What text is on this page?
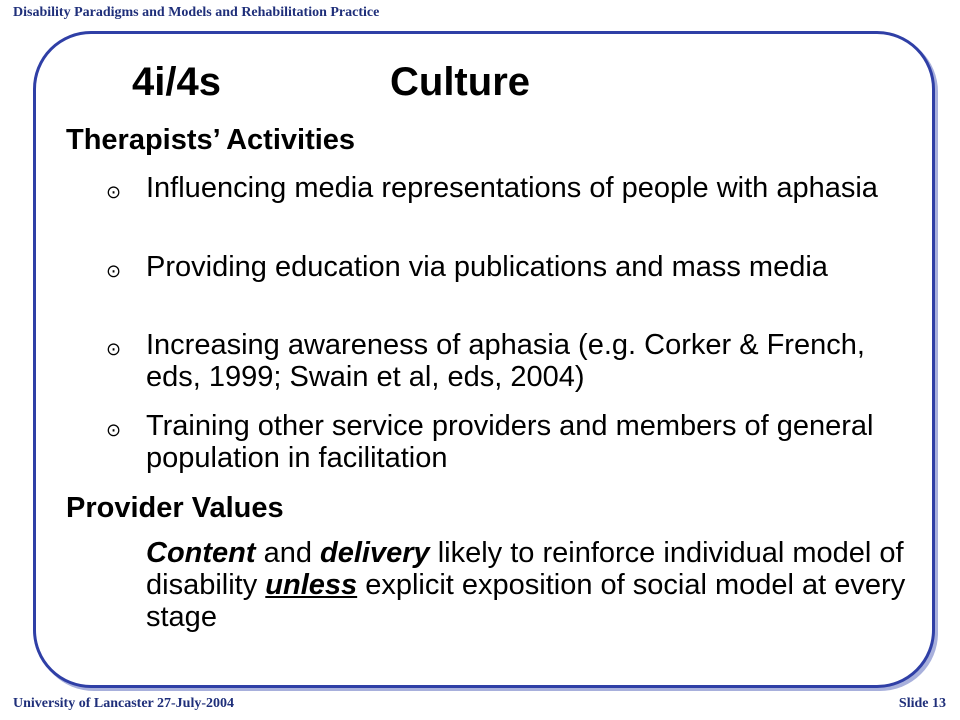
Disability Paradigms and Models and Rehabilitation Practice
4i/4s	Culture
Therapists’ Activities
⊙ Influencing media representations of people with aphasia
⊙ Providing education via publications and mass media
⊙ Increasing awareness of aphasia (e.g. Corker & French, eds, 1999; Swain et al, eds, 2004)
⊙ Training other service providers and members of general population in facilitation
Provider Values
Content and delivery likely to reinforce individual model of disability unless explicit exposition of social model at every stage
University of Lancaster 27-July-2004	Slide 13
